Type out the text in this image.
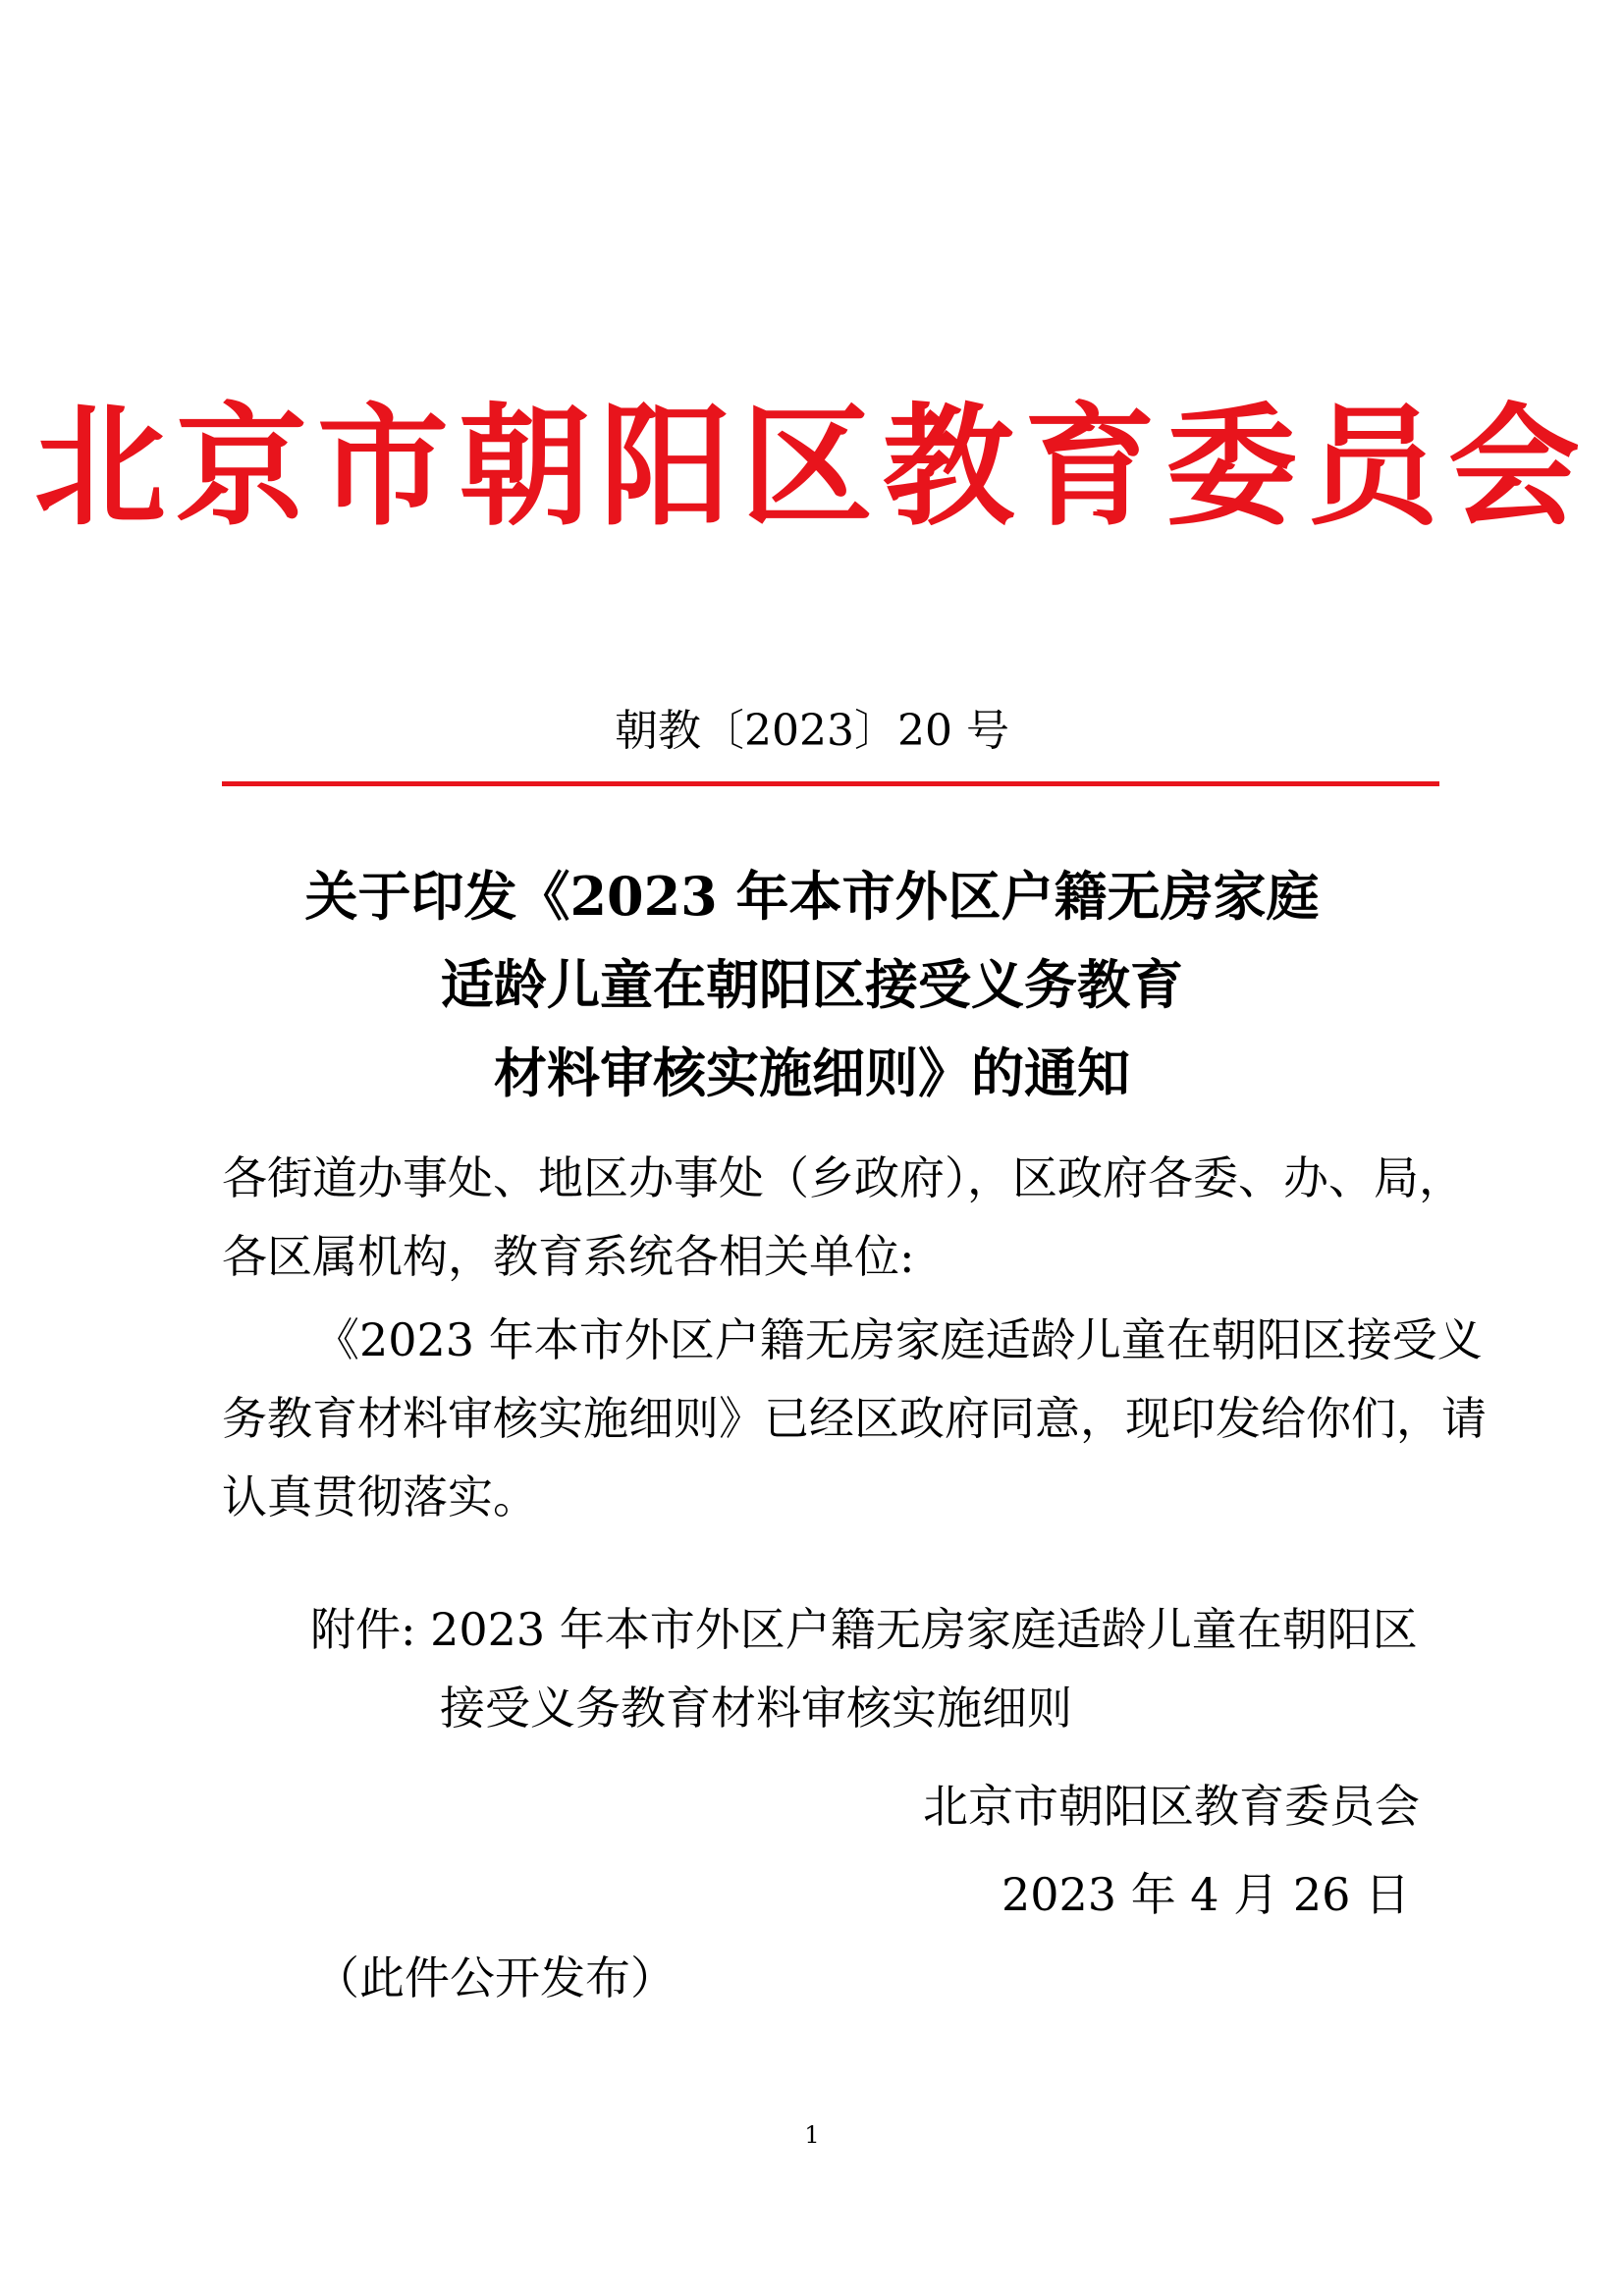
北京市朝阳区教育委员会
朝教〔2023〕20 号
关于印发《2023 年本市外区户籍无房家庭
适龄儿童在朝阳区接受义务教育
材料审核实施细则》的通知
各街道办事处、地区办事处（乡政府），区政府各委、办、局，
各区属机构，教育系统各相关单位:
《2023 年本市外区户籍无房家庭适龄儿童在朝阳区接受义
务教育材料审核实施细则》已经区政府同意，现印发给你们，请
认真贯彻落实。
附件: 2023 年本市外区户籍无房家庭适龄儿童在朝阳区
接受义务教育材料审核实施细则
北京市朝阳区教育委员会
2023 年 4 月 26 日
（此件公开发布）
1
